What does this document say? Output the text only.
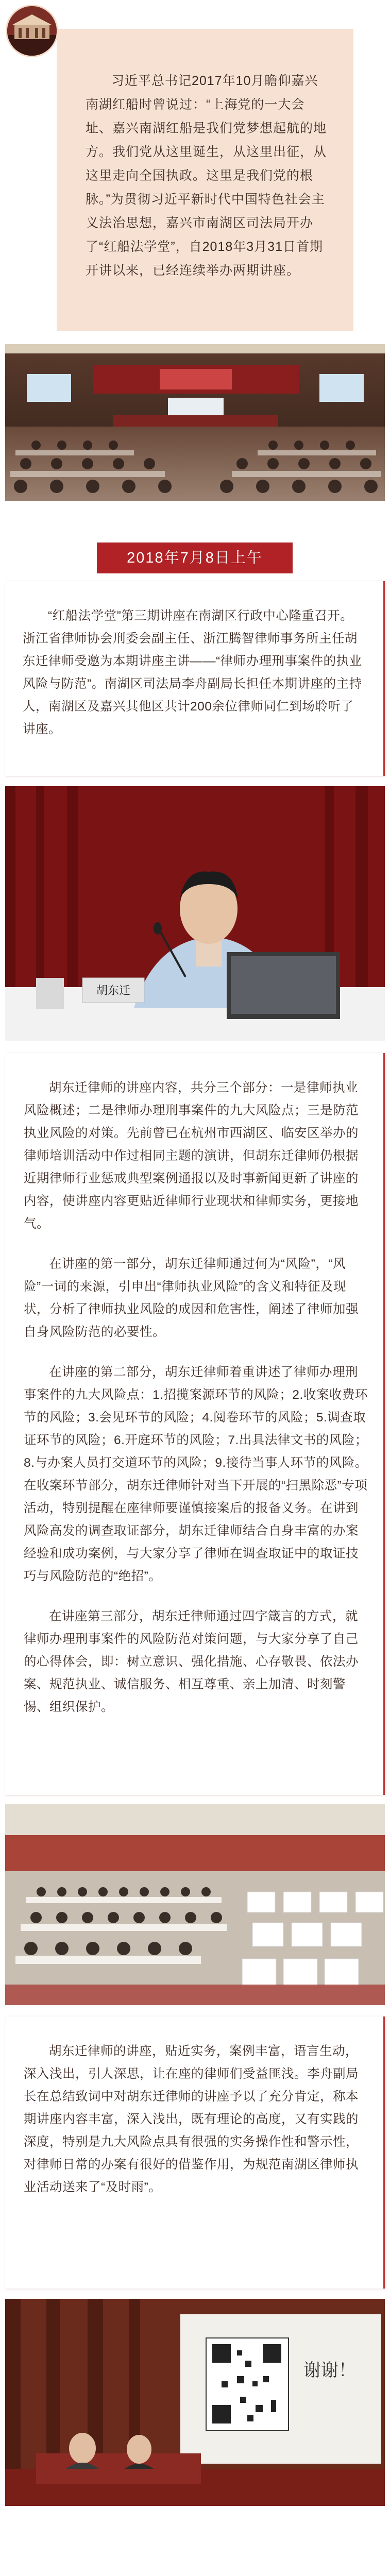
习近平总书记2017年10月瞻仰嘉兴南湖红船时曾说过：“上海党的一大会址、嘉兴南湖红船是我们党梦想起航的地方。我们党从这里诞生，从这里出征，从这里走向全国执政。这里是我们党的根脉。”为贯彻习近平新时代中国特色社会主义法治思想，嘉兴市南湖区司法局开办了“红船法学堂”，自2018年3月31日首期开讲以来，已经连续举办两期讲座。

2018年7月8日上午

“红船法学堂”第三期讲座在南湖区行政中心隆重召开。浙江省律师协会刑委会副主任、浙江腾智律师事务所主任胡东迁律师受邀为本期讲座主讲——“律师办理刑事案件的执业风险与防范”。南湖区司法局李舟副局长担任本期讲座的主持人，南湖区及嘉兴其他区共计200余位律师同仁到场聆听了讲座。

胡东迁

胡东迁律师的讲座内容，共分三个部分：一是律师执业风险概述；二是律师办理刑事案件的九大风险点；三是防范执业风险的对策。先前曾已在杭州市西湖区、临安区举办的律师培训活动中作过相同主题的演讲，但胡东迁律师仍根据近期律师行业惩戒典型案例通报以及时事新闻更新了讲座的内容，使讲座内容更贴近律师行业现状和律师实务，更接地气。

在讲座的第一部分，胡东迁律师通过何为“风险”，“风险”一词的来源，引申出“律师执业风险”的含义和特征及现状，分析了律师执业风险的成因和危害性，阐述了律师加强自身风险防范的必要性。

在讲座的第二部分，胡东迁律师着重讲述了律师办理刑事案件的九大风险点：1.招揽案源环节的风险；2.收案收费环节的风险；3.会见环节的风险；4.阅卷环节的风险；5.调查取证环节的风险；6.开庭环节的风险；7.出具法律文书的风险；8.与办案人员打交道环节的风险；9.接待当事人环节的风险。在收案环节部分，胡东迁律师针对当下开展的“扫黑除恶”专项活动，特别提醒在座律师要谨慎接案后的报备义务。在讲到风险高发的调查取证部分，胡东迁律师结合自身丰富的办案经验和成功案例，与大家分享了律师在调查取证中的取证技巧与风险防范的“绝招”。

在讲座第三部分，胡东迁律师通过四字箴言的方式，就律师办理刑事案件的风险防范对策问题，与大家分享了自己的心得体会，即：树立意识、强化措施、心存敬畏、依法办案、规范执业、诚信服务、相互尊重、亲上加清、时刻警惕、组织保护。

胡东迁律师的讲座，贴近实务，案例丰富，语言生动，深入浅出，引人深思，让在座的律师们受益匪浅。李舟副局长在总结致词中对胡东迁律师的讲座予以了充分肯定，称本期讲座内容丰富，深入浅出，既有理论的高度，又有实践的深度，特别是九大风险点具有很强的实务操作性和警示性，对律师日常的办案有很好的借鉴作用，为规范南湖区律师执业活动送来了“及时雨”。

谢谢！
